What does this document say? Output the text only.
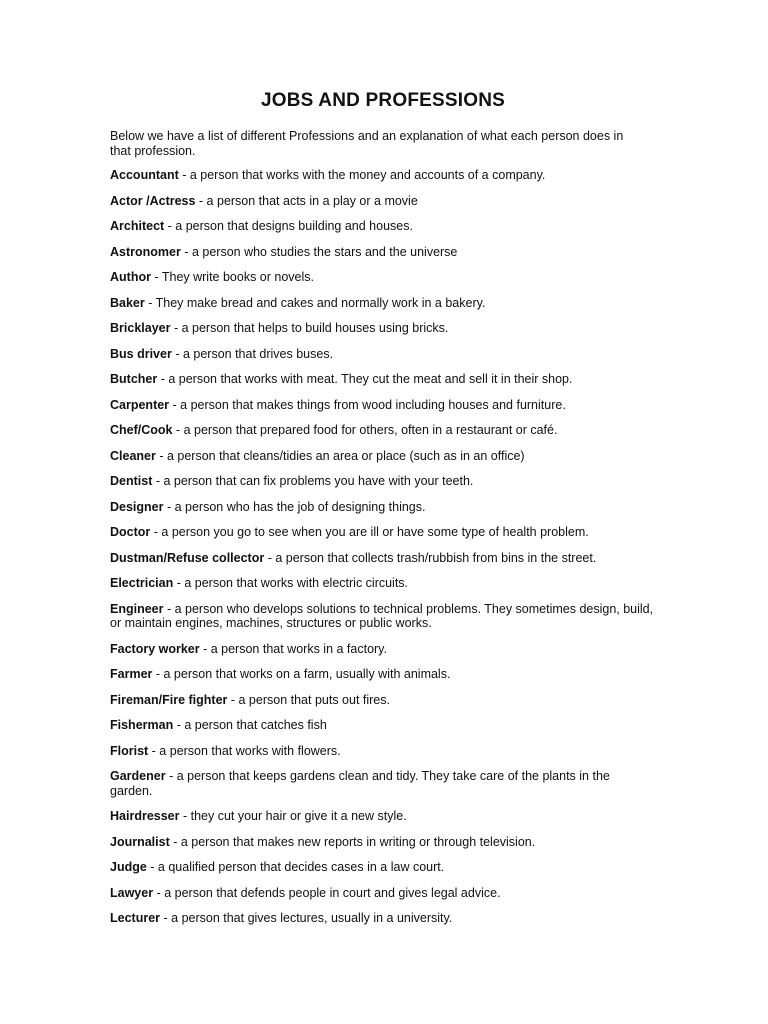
JOBS AND PROFESSIONS

Below we have a list of different Professions and an explanation of what each person does in that profession.

Accountant - a person that works with the money and accounts of a company.

Actor /Actress - a person that acts in a play or a movie

Architect - a person that designs building and houses.

Astronomer - a person who studies the stars and the universe

Author - They write books or novels.

Baker - They make bread and cakes and normally work in a bakery.

Bricklayer - a person that helps to build houses using bricks.

Bus driver - a person that drives buses.

Butcher - a person that works with meat. They cut the meat and sell it in their shop.

Carpenter - a person that makes things from wood including houses and furniture.

Chef/Cook - a person that prepared food for others, often in a restaurant or café.

Cleaner - a person that cleans/tidies an area or place (such as in an office)

Dentist - a person that can fix problems you have with your teeth.

Designer - a person who has the job of designing things.

Doctor - a person you go to see when you are ill or have some type of health problem.

Dustman/Refuse collector - a person that collects trash/rubbish from bins in the street.

Electrician - a person that works with electric circuits.

Engineer - a person who develops solutions to technical problems. They sometimes design, build, or maintain engines, machines, structures or public works.

Factory worker - a person that works in a factory.

Farmer - a person that works on a farm, usually with animals.

Fireman/Fire fighter - a person that puts out fires.

Fisherman - a person that catches fish

Florist - a person that works with flowers.

Gardener - a person that keeps gardens clean and tidy. They take care of the plants in the garden.

Hairdresser - they cut your hair or give it a new style.

Journalist - a person that makes new reports in writing or through television.

Judge - a qualified person that decides cases in a law court.

Lawyer - a person that defends people in court and gives legal advice.

Lecturer - a person that gives lectures, usually in a university.
